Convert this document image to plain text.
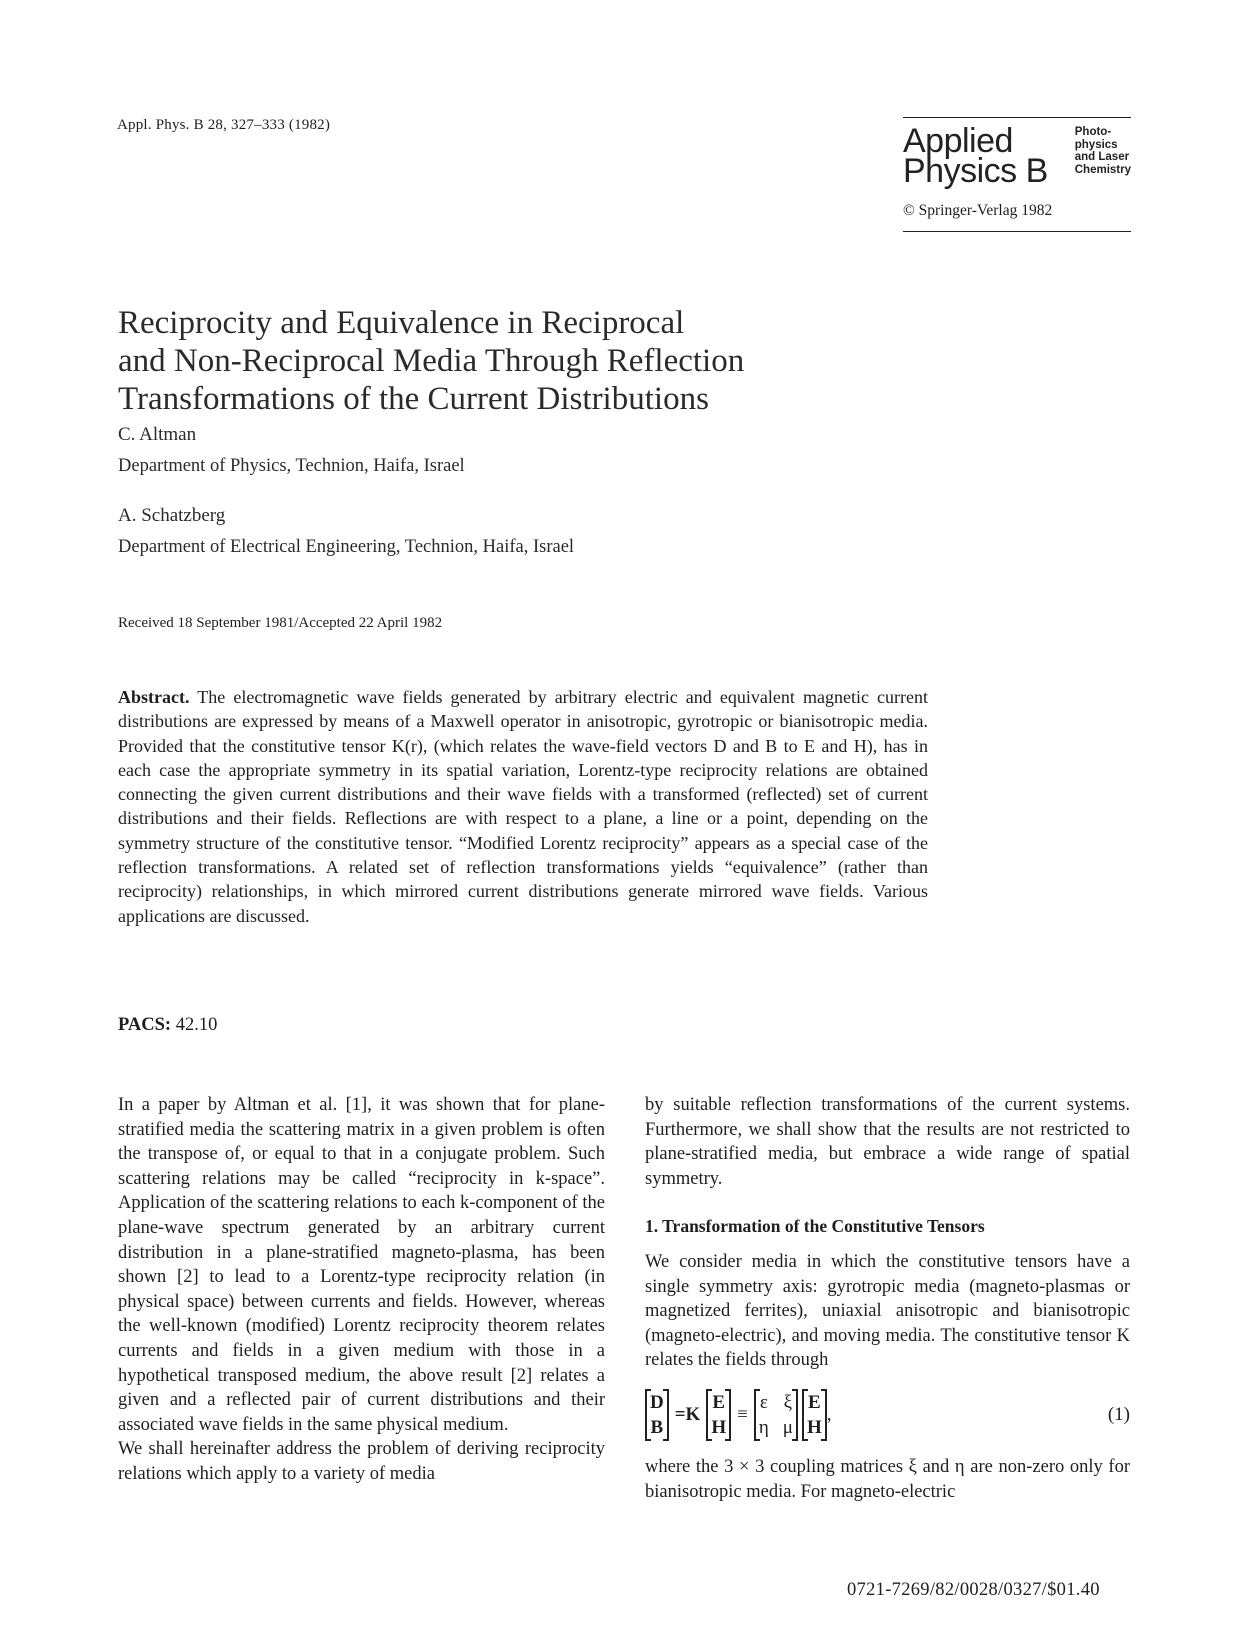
Appl. Phys. B 28, 327–333 (1982)	Applied
Physics B
Photo-
physics
and Laser
Chemistry
© Springer-Verlag 1982
Reciprocity and Equivalence in Reciprocal
and Non-Reciprocal Media Through Reflection
Transformations of the Current Distributions
C. Altman
Department of Physics, Technion, Haifa, Israel
A. Schatzberg
Department of Electrical Engineering, Technion, Haifa, Israel
Received 18 September 1981/Accepted 22 April 1982
Abstract. The electromagnetic wave fields generated by arbitrary electric and equivalent magnetic current distributions are expressed by means of a Maxwell operator in anisotropic, gyrotropic or bianisotropic media. Provided that the constitutive tensor K(r), (which relates the wave-field vectors D and B to E and H), has in each case the appropriate symmetry in its spatial variation, Lorentz-type reciprocity relations are obtained connecting the given current distributions and their wave fields with a transformed (reflected) set of current distributions and their fields. Reflections are with respect to a plane, a line or a point, depending on the symmetry structure of the constitutive tensor. “Modified Lorentz reciprocity” appears as a special case of the reflection transformations. A related set of reflection transformations yields “equivalence” (rather than reciprocity) relationships, in which mirrored current distributions generate mirrored wave fields. Various applications are discussed.
PACS: 42.10

In a paper by Altman et al. [1], it was shown that for plane-stratified media the scattering matrix in a given problem is often the transpose of, or equal to that in a conjugate problem. Such scattering relations may be called “reciprocity in k-space”. Application of the scattering relations to each k-component of the plane-wave spectrum generated by an arbitrary current distribution in a plane-stratified magneto-plasma, has been shown [2] to lead to a Lorentz-type reciprocity relation (in physical space) between currents and fields. However, whereas the well-known (modified) Lorentz reciprocity theorem relates currents and fields in a given medium with those in a hypothetical transposed medium, the above result [2] relates a given and a reflected pair of current distributions and their associated wave fields in the same physical medium.

We shall hereinafter address the problem of deriving reciprocity relations which apply to a variety of media

by suitable reflection transformations of the current systems. Furthermore, we shall show that the results are not restricted to plane-stratified media, but embrace a wide range of spatial symmetry.

1. Transformation of the Constitutive Tensors

We consider media in which the constitutive tensors have a single symmetry axis: gyrotropic media (magneto-plasmas or magnetized ferrites), uniaxial anisotropic and bianisotropic (magneto-electric), and moving media. The constitutive tensor K relates the fields through

D
B
=K
E
H
≡
ε
η
ξ
μ
E
H
,	(1)

where the 3 × 3 coupling matrices ξ and η are non-zero only for bianisotropic media. For magneto-electric

0721-7269/82/0028/0327/$01.40
